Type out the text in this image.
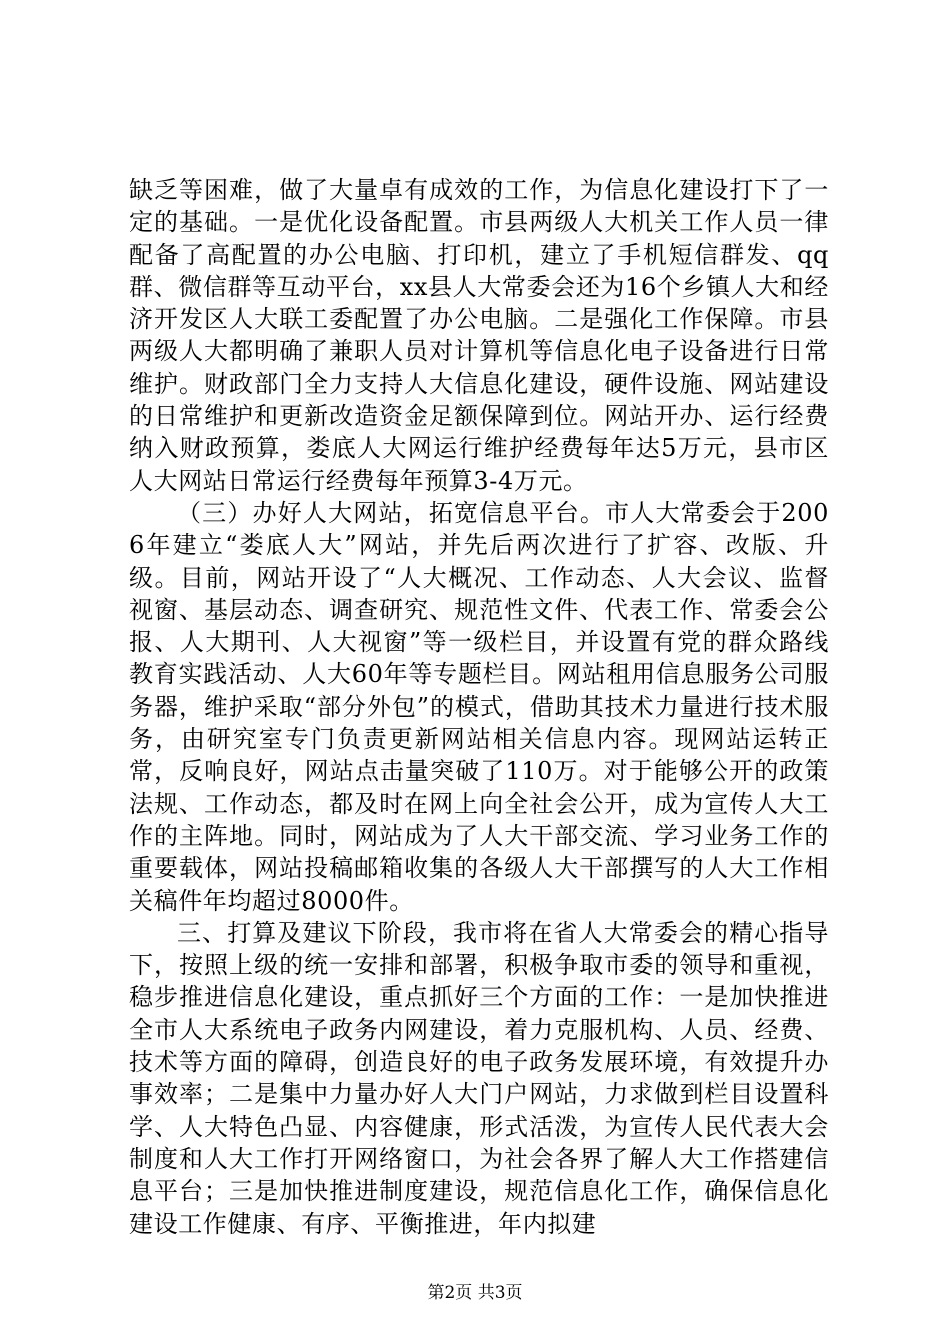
缺乏等困难，做了大量卓有成效的工作，为信息化建设打下了一定的基础。一是优化设备配置。市县两级人大机关工作人员一律配备了高配置的办公电脑、打印机，建立了手机短信群发、qq群、微信群等互动平台，xx县人大常委会还为16个乡镇人大和经济开发区人大联工委配置了办公电脑。二是强化工作保障。市县两级人大都明确了兼职人员对计算机等信息化电子设备进行日常维护。财政部门全力支持人大信息化建设，硬件设施、网站建设的日常维护和更新改造资金足额保障到位。网站开办、运行经费纳入财政预算，娄底人大网运行维护经费每年达5万元，县市区人大网站日常运行经费每年预算3-4万元。

（三）办好人大网站，拓宽信息平台。市人大常委会于2006年建立“娄底人大”网站，并先后两次进行了扩容、改版、升级。目前，网站开设了“人大概况、工作动态、人大会议、监督视窗、基层动态、调查研究、规范性文件、代表工作、常委会公报、人大期刊、人大视窗”等一级栏目，并设置有党的群众路线教育实践活动、人大60年等专题栏目。网站租用信息服务公司服务器，维护采取“部分外包”的模式，借助其技术力量进行技术服务，由研究室专门负责更新网站相关信息内容。现网站运转正常，反响良好，网站点击量突破了110万。对于能够公开的政策法规、工作动态，都及时在网上向全社会公开，成为宣传人大工作的主阵地。同时，网站成为了人大干部交流、学习业务工作的重要载体，网站投稿邮箱收集的各级人大干部撰写的人大工作相关稿件年均超过8000件。

三、打算及建议下阶段，我市将在省人大常委会的精心指导下，按照上级的统一安排和部署，积极争取市委的领导和重视，稳步推进信息化建设，重点抓好三个方面的工作：一是加快推进全市人大系统电子政务内网建设，着力克服机构、人员、经费、技术等方面的障碍，创造良好的电子政务发展环境，有效提升办事效率；二是集中力量办好人大门户网站，力求做到栏目设置科学、人大特色凸显、内容健康，形式活泼，为宣传人民代表大会制度和人大工作打开网络窗口，为社会各界了解人大工作搭建信息平台；三是加快推进制度建设，规范信息化工作，确保信息化建设工作健康、有序、平衡推进，年内拟建

第2页 共3页
